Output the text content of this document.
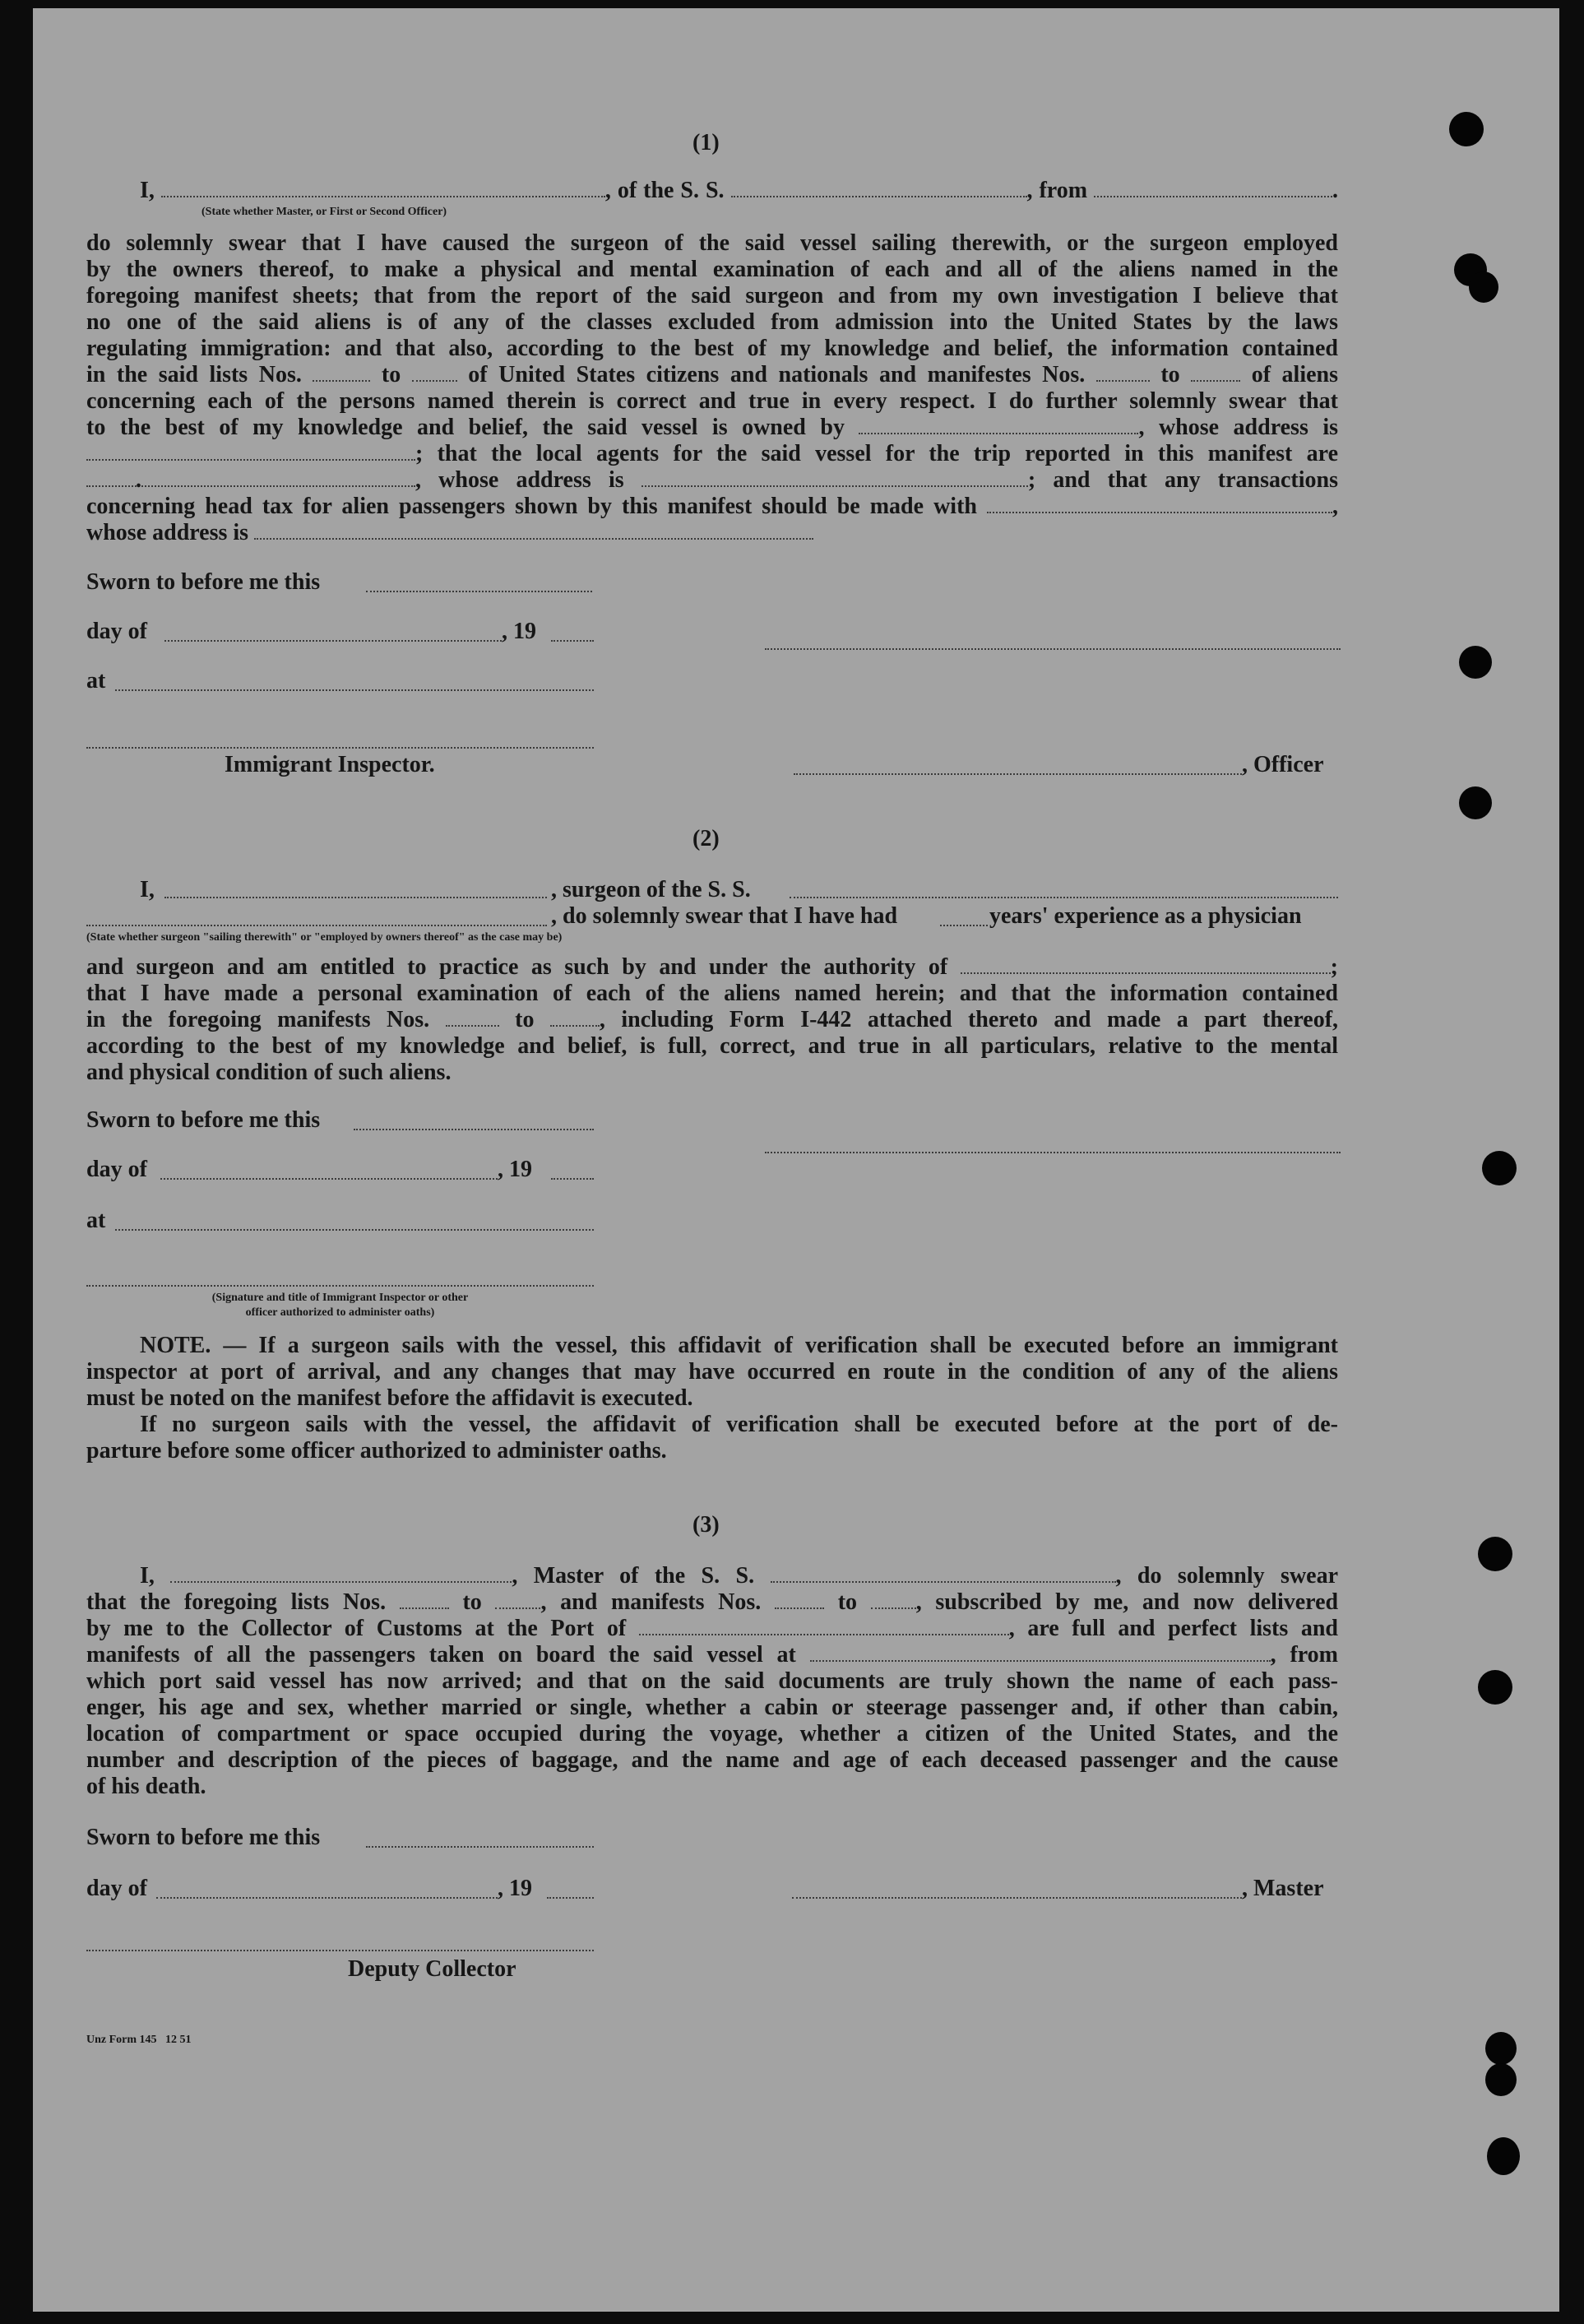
(1)
I,	, of the S. S.	, from	.
(State whether Master, or First or Second Officer)
do solemnly swear that I have caused the surgeon of the said vessel sailing therewith, or the surgeon employed
by the owners thereof, to make a physical and mental examination of each and all of the aliens named in the
foregoing manifest sheets; that from the report of the said surgeon and from my own investigation I believe that
no one of the said aliens is of any of the classes excluded from admission into the United States by the laws
regulating immigration: and that also, according to the best of my knowledge and belief, the information contained
in the said lists Nos.	to	of United States citizens and nationals and manifestes Nos.	to	of aliens
concerning each of the persons named therein is correct and true in every respect. I do further solemnly swear that
to the best of my knowledge and belief, the said vessel is owned by	, whose address is
; that the local agents for the said vessel for the trip reported in this manifest are
.	, whose address is	; and that any transactions
concerning head tax for alien passengers shown by this manifest should be made with	,
whose address is
Sworn to before me this
day of	, 19
at
Immigrant Inspector.	, Officer
(2)
I,	, surgeon of the S. S.
, do solemnly swear that I have had	years' experience as a physician
(State whether surgeon "sailing therewith" or "employed by owners thereof" as the case may be)
and surgeon and am entitled to practice as such by and under the authority of	;
that I have made a personal examination of each of the aliens named herein; and that the information contained
in the foregoing manifests Nos.	to	, including Form I-442 attached thereto and made a part thereof,
according to the best of my knowledge and belief, is full, correct, and true in all particulars, relative to the mental
and physical condition of such aliens.
Sworn to before me this
day of	, 19
at
(Signature and title of Immigrant Inspector or other
officer authorized to administer oaths)
NOTE. — If a surgeon sails with the vessel, this affidavit of verification shall be executed before an immigrant
inspector at port of arrival, and any changes that may have occurred en route in the condition of any of the aliens
must be noted on the manifest before the affidavit is executed.
If no surgeon sails with the vessel, the affidavit of verification shall be executed before at the port of de-
parture before some officer authorized to administer oaths.
(3)
I,	, Master of the S. S.	, do solemnly swear
that the foregoing lists Nos.	to	, and manifests Nos.	to	, subscribed by me, and now delivered
by me to the Collector of Customs at the Port of	, are full and perfect lists and
manifests of all the passengers taken on board the said vessel at	, from
which port said vessel has now arrived; and that on the said documents are truly shown the name of each pass-
enger, his age and sex, whether married or single, whether a cabin or steerage passenger and, if other than cabin,
location of compartment or space occupied during the voyage, whether a citizen of the United States, and the
number and description of the pieces of baggage, and the name and age of each deceased passenger and the cause
of his death.
Sworn to before me this
day of	, 19	, Master
Deputy Collector
Unz Form 145   12 51
